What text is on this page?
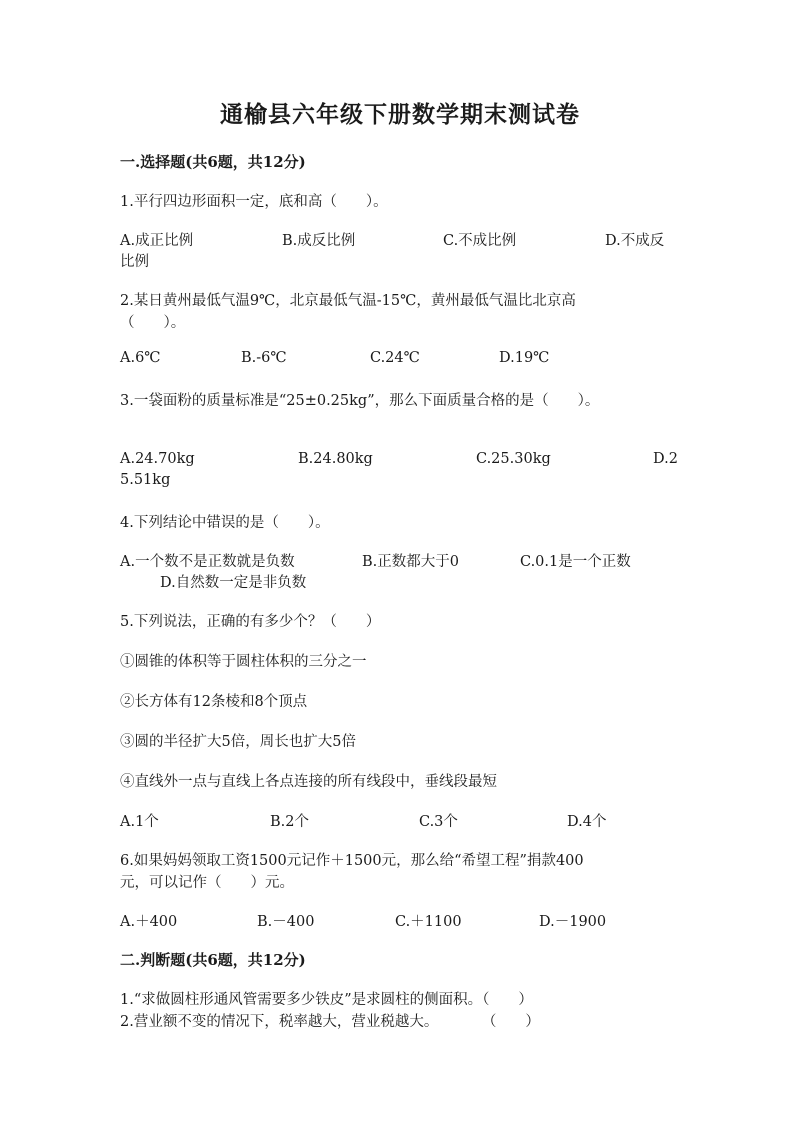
通榆县六年级下册数学期末测试卷
一.选择题(共6题，共12分)
1.平行四边形面积一定，底和高（　　）。
A.成正比例	B.成反比例	C.不成比例	D.不成反
比例
2.某日黄州最低气温9℃，北京最低气温-15℃，黄州最低气温比北京高
（　　）。
A.6℃	B.-6℃	C.24℃	D.19℃
3.一袋面粉的质量标准是“25±0.25kg”，那么下面质量合格的是（　　）。
A.24.70kg	B.24.80kg	C.25.30kg	D.2
5.51kg
4.下列结论中错误的是（　　）。
A.一个数不是正数就是负数	B.正数都大于0	C.0.1是一个正数
D.自然数一定是非负数
5.下列说法，正确的有多少个？（　　）
①圆锥的体积等于圆柱体积的三分之一
②长方体有12条棱和8个顶点
③圆的半径扩大5倍，周长也扩大5倍
④直线外一点与直线上各点连接的所有线段中，垂线段最短
A.1个	B.2个	C.3个	D.4个
6.如果妈妈领取工资1500元记作＋1500元，那么给“希望工程”捐款400
元，可以记作（　　）元。
A.＋400	B.－400	C.＋1100	D.－1900
二.判断题(共6题，共12分)
1.“求做圆柱形通风管需要多少铁皮”是求圆柱的侧面积。（　　）
2.营业额不变的情况下，税率越大，营业税越大。　　　　（　　）
